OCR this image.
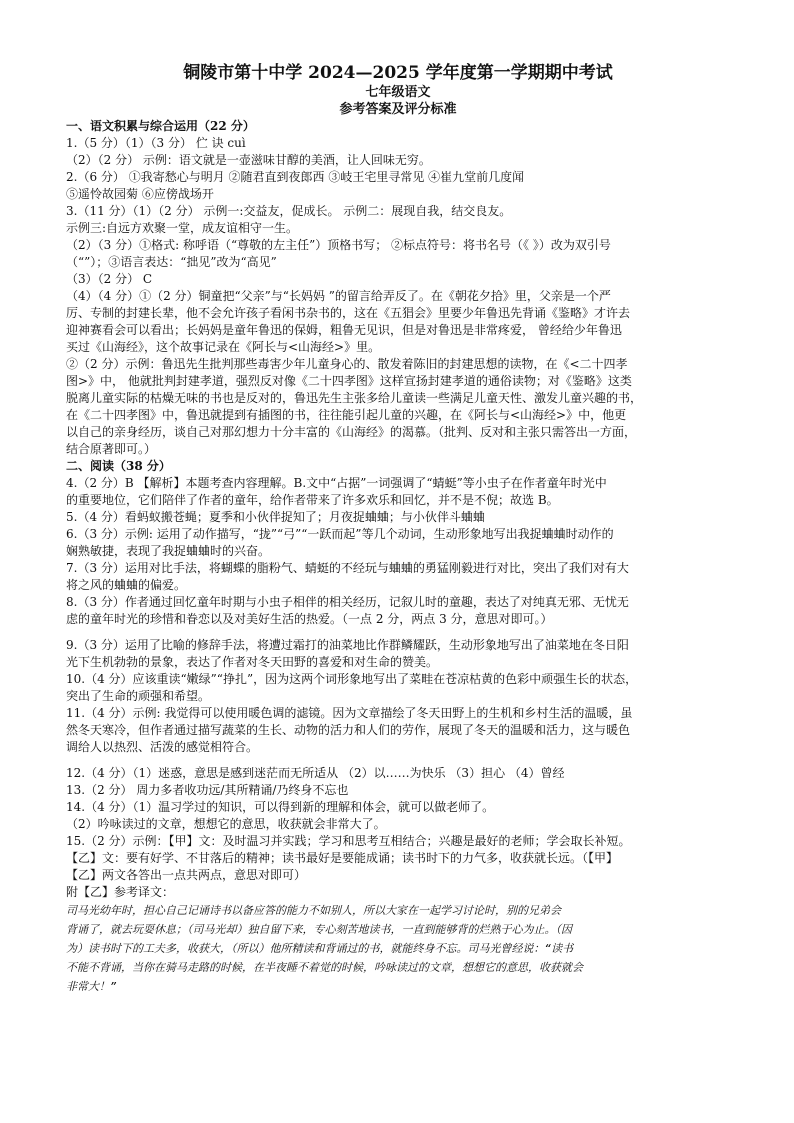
铜陵市第十中学 2024—2025 学年度第一学期期中考试

七年级语文

参考答案及评分标准

一、语文积累与综合运用（22 分）

1.（5 分）（1）（3 分） 伫 诀 cuì

（2）（2 分） 示例：语文就是一壶滋味甘醇的美酒，让人回味无穷。

2.（6 分） ①我寄愁心与明月 ②随君直到夜郎西 ③岐王宅里寻常见 ④崔九堂前几度闻

⑤遥怜故园菊 ⑥应傍战场开

3.（11 分）（1）（2 分） 示例一:交益友，促成长。 示例二：展现自我，结交良友。

示例三:自远方欢聚一堂，成友谊相守一生。

（2）（3 分）①格式: 称呼语（“尊敬的左主任”）顶格书写； ②标点符号：将书名号（《 》）改为双引号

（“”）；③语言表达：“拙见”改为“高见”

（3）（2 分） C

（4）（4 分）①（2 分）铜童把“父亲”与“长妈妈 ”的留言给弄反了。在《朝花夕拾》里，父亲是一个严

厉、专制的封建长辈，他不会允许孩子看闲书杂书的，这在《五猖会》里要少年鲁迅先背诵《鉴略》才许去

迎神赛看会可以看出；长妈妈是童年鲁迅的保姆，粗鲁无见识，但是对鲁迅是非常疼爱， 曾经给少年鲁迅

买过《山海经》，这个故事记录在《阿长与<山海经>》里。

②（2 分）示例：鲁迅先生批判那些毒害少年儿童身心的、散发着陈旧的封建思想的读物，在《<二十四孝

图>》中， 他就批判封建孝道，强烈反对像《二十四孝图》这样宣扬封建孝道的通俗读物；对《鉴略》这类

脱离儿童实际的枯燥无味的书也是反对的，鲁迅先生主张多给儿童读一些满足儿童天性、激发儿童兴趣的书，

在《二十四孝图》中，鲁迅就提到有插图的书，往往能引起儿童的兴趣，在《阿长与<山海经>》中，他更

以自己的亲身经历，谈自己对那幻想力十分丰富的《山海经》的渴慕。（批判、反对和主张只需答出一方面，

结合原著即可。）

二、阅读（38 分）

4.（2 分）B 【解析】本题考查内容理解。B.文中“占据”一词强调了“蜻蜓”等小虫子在作者童年时光中

的重要地位，它们陪伴了作者的童年，给作者带来了许多欢乐和回忆，并不是不倪；故选 B。

5.（4 分）看蚂蚁搬苍蝇；夏季和小伙伴捉知了；月夜捉蛐蛐；与小伙伴斗蛐蛐

6.（3 分）示例: 运用了动作描写，“拢”“弓”“一跃而起”等几个动词，生动形象地写出我捉蛐蛐时动作的

娴熟敏捷，表现了我捉蛐蛐时的兴奋。

7.（3 分）运用对比手法，将蝴蝶的脂粉气、蜻蜓的不经玩与蛐蛐的勇猛刚毅进行对比，突出了我们对有大

将之风的蛐蛐的偏爱。

8.（3 分）作者通过回忆童年时期与小虫子相伴的相关经历，记叙儿时的童趣，表达了对纯真无邪、无忧无

虑的童年时光的珍惜和眷恋以及对美好生活的热爱。（一点 2 分，两点 3 分，意思对即可。）

9.（3 分）运用了比喻的修辞手法，将遭过霜打的油菜地比作群鳞耀跃，生动形象地写出了油菜地在冬日阳

光下生机勃勃的景象，表达了作者对冬天田野的喜爱和对生命的赞美。

10.（4 分）应该重读“嫩绿”“挣扎”，因为这两个词形象地写出了菜畦在苍凉枯黄的色彩中顽强生长的状态，

突出了生命的顽强和希望。

11.（4 分）示例: 我觉得可以使用暖色调的滤镜。因为文章描绘了冬天田野上的生机和乡村生活的温暖，虽

然冬天寒冷，但作者通过描写蔬菜的生长、动物的活力和人们的劳作，展现了冬天的温暖和活力，这与暖色

调给人以热烈、活泼的感觉相符合。

12.（4 分）（1）迷惑，意思是感到迷茫而无所适从 （2）以……为快乐 （3）担心 （4）曾经

13.（2 分） 周力多者收功远/其所精诵/乃终身不忘也

14.（4 分）（1）温习学过的知识，可以得到新的理解和体会，就可以做老师了。

（2）吟咏读过的文章，想想它的意思，收获就会非常大了。

15.（2 分）示例：【甲】文：及时温习并实践；学习和思考互相结合；兴趣是最好的老师；学会取长补短。

【乙】文：要有好学、不甘落后的精神；读书最好是要能成诵；读书时下的力气多，收获就长远。（【甲】

【乙】两文各答出一点共两点，意思对即可）

附【乙】参考译文：

司马光幼年时，担心自己记诵诗书以备应答的能力不如别人，所以大家在一起学习讨论时，别的兄弟会

背诵了，就去玩耍休息；（司马光却）独自留下来，专心刻苦地读书，一直到能够背的烂熟于心为止。（因

为）读书时下的工夫多，收获大，（所以）他所精读和背诵过的书，就能终身不忘。司马光曾经说：“读书

不能不背诵，当你在骑马走路的时候，在半夜睡不着觉的时候，吟咏读过的文章，想想它的意思，收获就会

非常大！”
